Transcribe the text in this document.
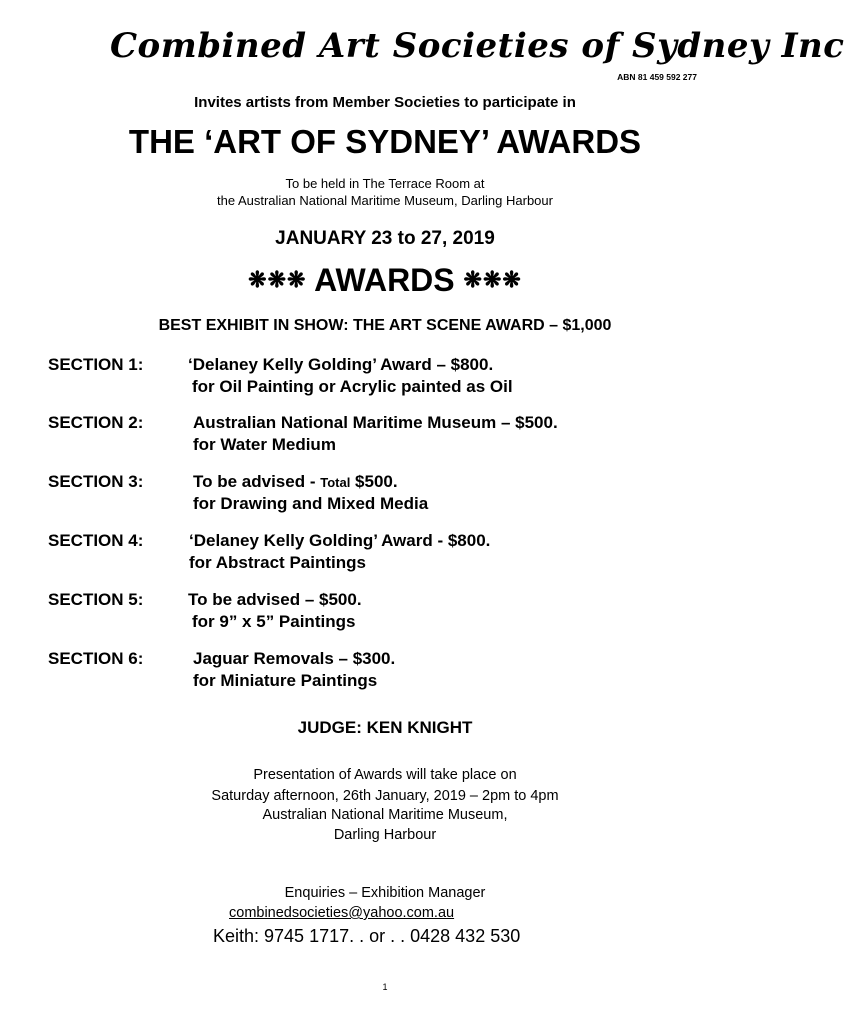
Combined Art Societies of Sydney Inc
ABN 81 459 592 277
Invites artists from Member Societies to participate in
THE ‘ART OF SYDNEY’ AWARDS
To be held in The Terrace Room at
the Australian National Maritime Museum, Darling Harbour
JANUARY 23 to 27, 2019
❋❋❋ AWARDS ❋❋❋
BEST EXHIBIT IN SHOW: THE ART SCENE AWARD – $1,000
SECTION 1:	‘Delaney Kelly Golding’ Award – $800.
for Oil Painting or Acrylic painted as Oil
SECTION 2:	Australian National Maritime Museum – $500.
for Water Medium
SECTION 3:	To be advised - Total $500.
for Drawing and Mixed Media
SECTION 4:	‘Delaney Kelly Golding’ Award - $800.
for Abstract Paintings
SECTION 5:	To be advised – $500.
for 9” x 5” Paintings
SECTION 6:	Jaguar Removals – $300.
for Miniature Paintings
JUDGE: KEN KNIGHT
Presentation of Awards will take place on
Saturday afternoon, 26th January, 2019 – 2pm to 4pm
Australian National Maritime Museum,
Darling Harbour
Enquiries – Exhibition Manager
combinedsocieties@yahoo.com.au
Keith: 9745 1717. . or . . 0428 432 530
1
